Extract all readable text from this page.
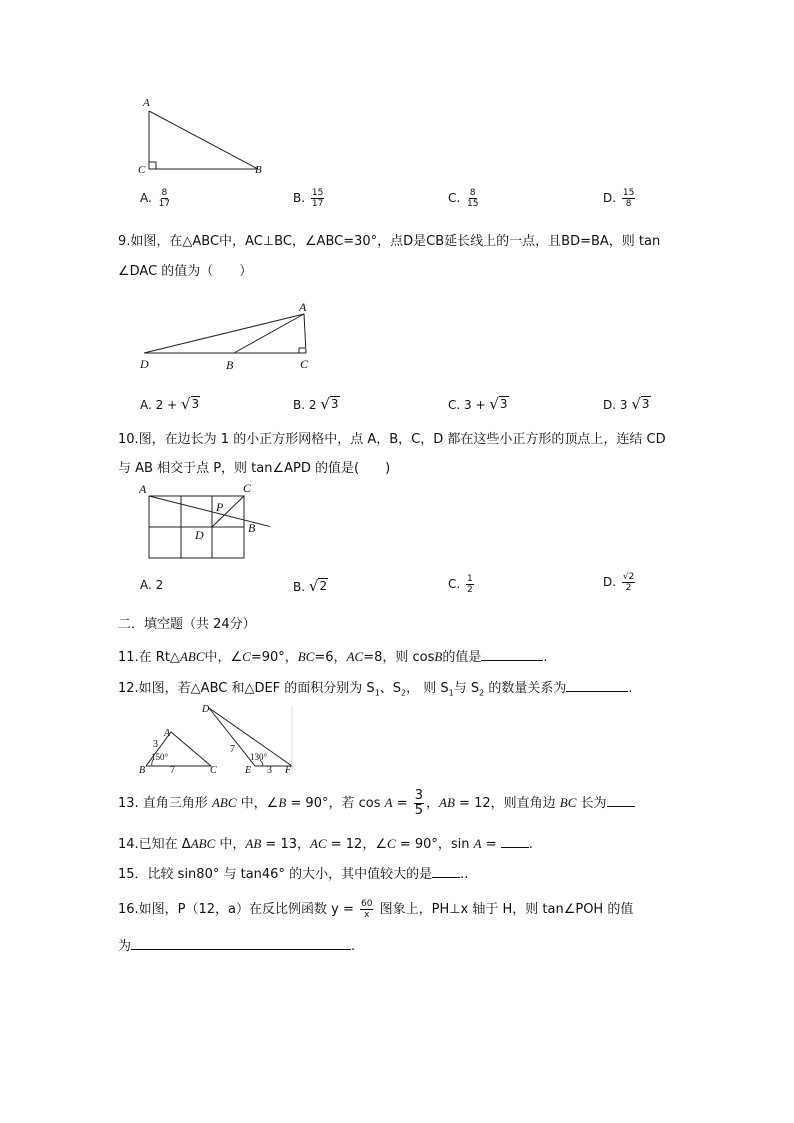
A
C	B
A. $\frac{8}{17}$	B. $\frac{15}{17}$	C. $\frac{8}{15}$	D. $\frac{15}{8}$
9.如图，在△ABC中，AC⊥BC，∠ABC=30°，点D是CB延长线上的一点，且BD=BA，则 tan
∠DAC 的值为（　　）
A
D	B	C
A. 2 + √ 3	B. 2 √ 3	C. 3 + √ 3	D. 3 √ 3
10.图，在边长为 1 的小正方形网格中，点 A，B，C，D 都在这些小正方形的顶点上，连结 CD
与 AB 相交于点 P，则 tan∠APD 的值是(　　)
A	C
P
B
D
A. 2	B. √ 2	C. $\frac{1}{2}$	D. $\frac{√2}{2}$
二．填空题（共 24分）
11.在 Rt△ABC中，∠C=90°，BC=6，AC=8，则 cosB的值是	.
12.如图，若△ABC 和△DEF 的面积分别为 $S_1$、$S_2$， 则 $S_1$与 $S_2$ 的数量关系为	.
A
B	C
D
E	F
3
150°
7
7
130°
3
13. 直角三角形 ABC 中，∠B = 90°，若 $\cos A = \frac{3}{5}$ ，AB = 12，则直角边 BC 长为
14.已知在 ΔABC 中，AB = 13，AC = 12，∠C = 90°，sin A = .
15．比较 sin80° 与 tan46° 的大小，其中值较大的是 ..
16.如图，P（12，a）在反比例函数 $y = \frac{60}{x}$ 图象上，PH⊥x 轴于 H，则 tan∠POH 的值
为	.
